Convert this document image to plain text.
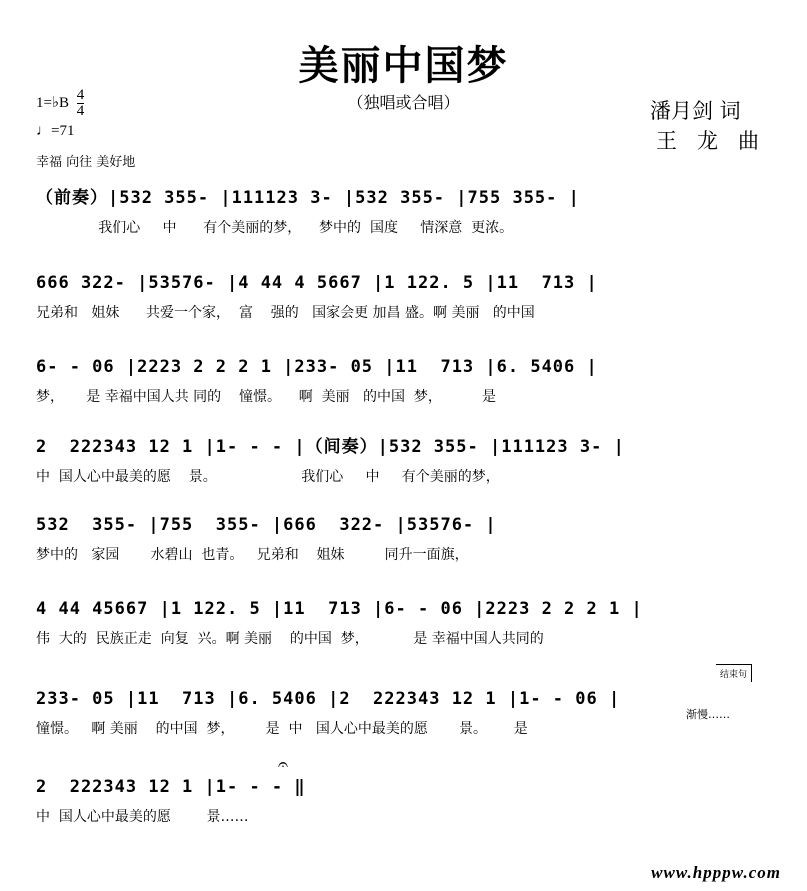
美丽中国梦
（独唱或合唱）
1=♭B $\frac{4}{4}$
♩=71
幸福 向往 美好地
潘月剑 词
王龙曲
（前奏）|532 355- |111123 3- |532 355- |755 355- |
我们心     中      有个美丽的梦，    梦中的  国度     情深意  更浓。
666 322- |53576- |4 44 4 5667 |1 122. 5 |11  713 |
兄弟和   姐妹      共爱一个家，  富    强的   国家会更 加昌 盛。啊 美丽   的中国
6- - 06 |2223 2 2 2 1 |233- 05 |11  713 |6. 5406 |
梦，     是 幸福中国人共 同的    憧憬。    啊  美丽   的中国  梦，         是
2  222343 12 1 |1- - - |（间奏）|532 355- |111123 3- |
中  国人心中最美的愿    景。                   我们心     中     有个美丽的梦，
532  355- |755  355- |666  322- |53576- |
梦中的   家园       水碧山  也青。   兄弟和    姐妹         同升一面旗，
4 44 45667 |1 122. 5 |11  713 |6- - 06 |2223 2 2 2 1 |
伟  大的  民族正走  向复  兴。啊 美丽    的中国  梦，          是 幸福中国人共同的
233- 05 |11  713 |6. 5406 |2  222343 12 1 |1- - 06 |
憧憬。   啊 美丽    的中国  梦，       是  中   国人心中最美的愿       景。      是
2  222343 12 1 |1- - - ‖
中  国人心中最美的愿        景……
结束句
渐慢……
𝄐
www.hpppw.com
